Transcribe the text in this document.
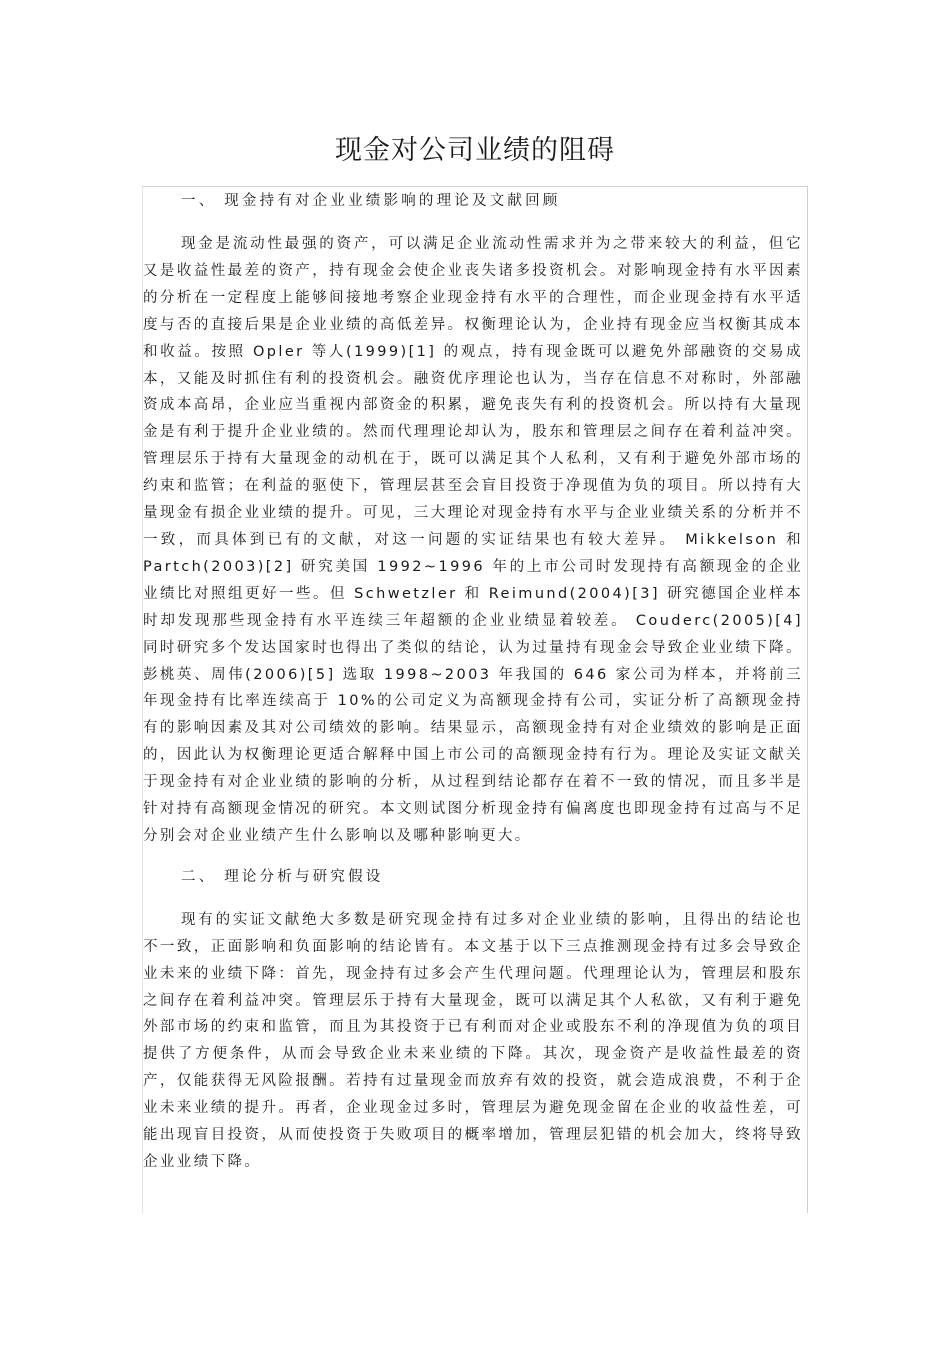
现金对公司业绩的阻碍

一、 现金持有对企业业绩影响的理论及文献回顾

现金是流动性最强的资产，可以满足企业流动性需求并为之带来较大的利益，但它又是收益性最差的资产，持有现金会使企业丧失诸多投资机会。对影响现金持有水平因素的分析在一定程度上能够间接地考察企业现金持有水平的合理性，而企业现金持有水平适度与否的直接后果是企业业绩的高低差异。权衡理论认为，企业持有现金应当权衡其成本和收益。按照 Opler 等人(1999)[1] 的观点，持有现金既可以避免外部融资的交易成本，又能及时抓住有利的投资机会。融资优序理论也认为，当存在信息不对称时，外部融资成本高昂，企业应当重视内部资金的积累，避免丧失有利的投资机会。所以持有大量现金是有利于提升企业业绩的。然而代理理论却认为，股东和管理层之间存在着利益冲突。管理层乐于持有大量现金的动机在于，既可以满足其个人私利，又有利于避免外部市场的约束和监管；在利益的驱使下，管理层甚至会盲目投资于净现值为负的项目。所以持有大量现金有损企业业绩的提升。可见，三大理论对现金持有水平与企业业绩关系的分析并不一致，而具体到已有的文献，对这一问题的实证结果也有较大差异。 Mikkelson 和 Partch(2003)[2] 研究美国 1992~1996 年的上市公司时发现持有高额现金的企业业绩比对照组更好一些。但 Schwetzler 和 Reimund(2004)[3] 研究德国企业样本时却发现那些现金持有水平连续三年超额的企业业绩显着较差。 Couderc(2005)[4] 同时研究多个发达国家时也得出了类似的结论，认为过量持有现金会导致企业业绩下降。彭桃英、周伟(2006)[5] 选取 1998~2003 年我国的 646 家公司为样本，并将前三年现金持有比率连续高于 10%的公司定义为高额现金持有公司，实证分析了高额现金持有的影响因素及其对公司绩效的影响。结果显示，高额现金持有对企业绩效的影响是正面的，因此认为权衡理论更适合解释中国上市公司的高额现金持有行为。理论及实证文献关于现金持有对企业业绩的影响的分析，从过程到结论都存在着不一致的情况，而且多半是针对持有高额现金情况的研究。本文则试图分析现金持有偏离度也即现金持有过高与不足分别会对企业业绩产生什么影响以及哪种影响更大。

二、 理论分析与研究假设

现有的实证文献绝大多数是研究现金持有过多对企业业绩的影响，且得出的结论也不一致，正面影响和负面影响的结论皆有。本文基于以下三点推测现金持有过多会导致企业未来的业绩下降：首先，现金持有过多会产生代理问题。代理理论认为，管理层和股东之间存在着利益冲突。管理层乐于持有大量现金，既可以满足其个人私欲，又有利于避免外部市场的约束和监管，而且为其投资于已有利而对企业或股东不利的净现值为负的项目提供了方便条件，从而会导致企业未来业绩的下降。其次，现金资产是收益性最差的资产，仅能获得无风险报酬。若持有过量现金而放弃有效的投资，就会造成浪费，不利于企业未来业绩的提升。再者，企业现金过多时，管理层为避免现金留在企业的收益性差，可能出现盲目投资，从而使投资于失败项目的概率增加，管理层犯错的机会加大，终将导致企业业绩下降。
